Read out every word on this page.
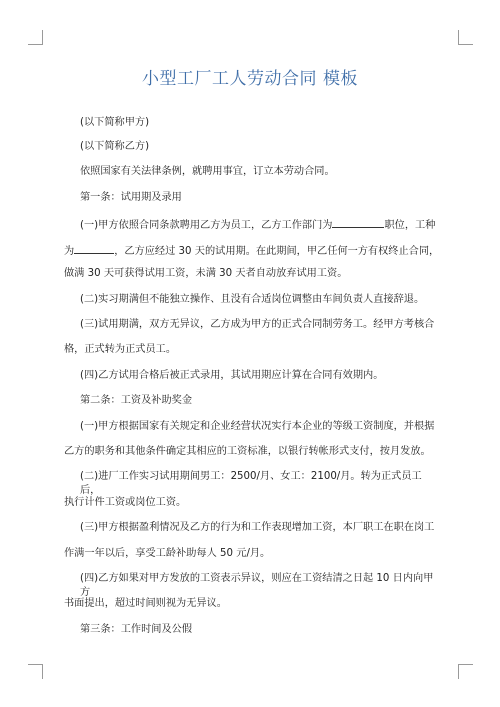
小型工厂工人劳动合同 模板
(以下简称甲方)
(以下简称乙方)
依照国家有关法律条例，就聘用事宜，订立本劳动合同。
第一条：试用期及录用
(一)甲方依照合同条款聘用乙方为员工，乙方工作部门为	职位，工种
为	，乙方应经过 30 天的试用期。在此期间，甲乙任何一方有权终止合同，
做满 30 天可获得试用工资，未满 30 天者自动放弃试用工资。
(二)实习期满但不能独立操作、且没有合适岗位调整由车间负责人直接辞退。
(三)试用期满，双方无异议，乙方成为甲方的正式合同制劳务工。经甲方考核合
格，正式转为正式员工。
(四)乙方试用合格后被正式录用，其试用期应计算在合同有效期内。
第二条：工资及补助奖金
(一)甲方根据国家有关规定和企业经营状况实行本企业的等级工资制度，并根据
乙方的职务和其他条件确定其相应的工资标准，以银行转帐形式支付，按月发放。
(二)进厂工作实习试用期间男工：2500/月、女工：2100/月。转为正式员工后，
执行计件工资或岗位工资。
(三)甲方根据盈利情况及乙方的行为和工作表现增加工资，本厂职工在职在岗工
作满一年以后，享受工龄补助每人 50 元/月。
(四)乙方如果对甲方发放的工资表示异议，则应在工资结清之日起 10 日内向甲方
书面提出，超过时间则视为无异议。
第三条：工作时间及公假
